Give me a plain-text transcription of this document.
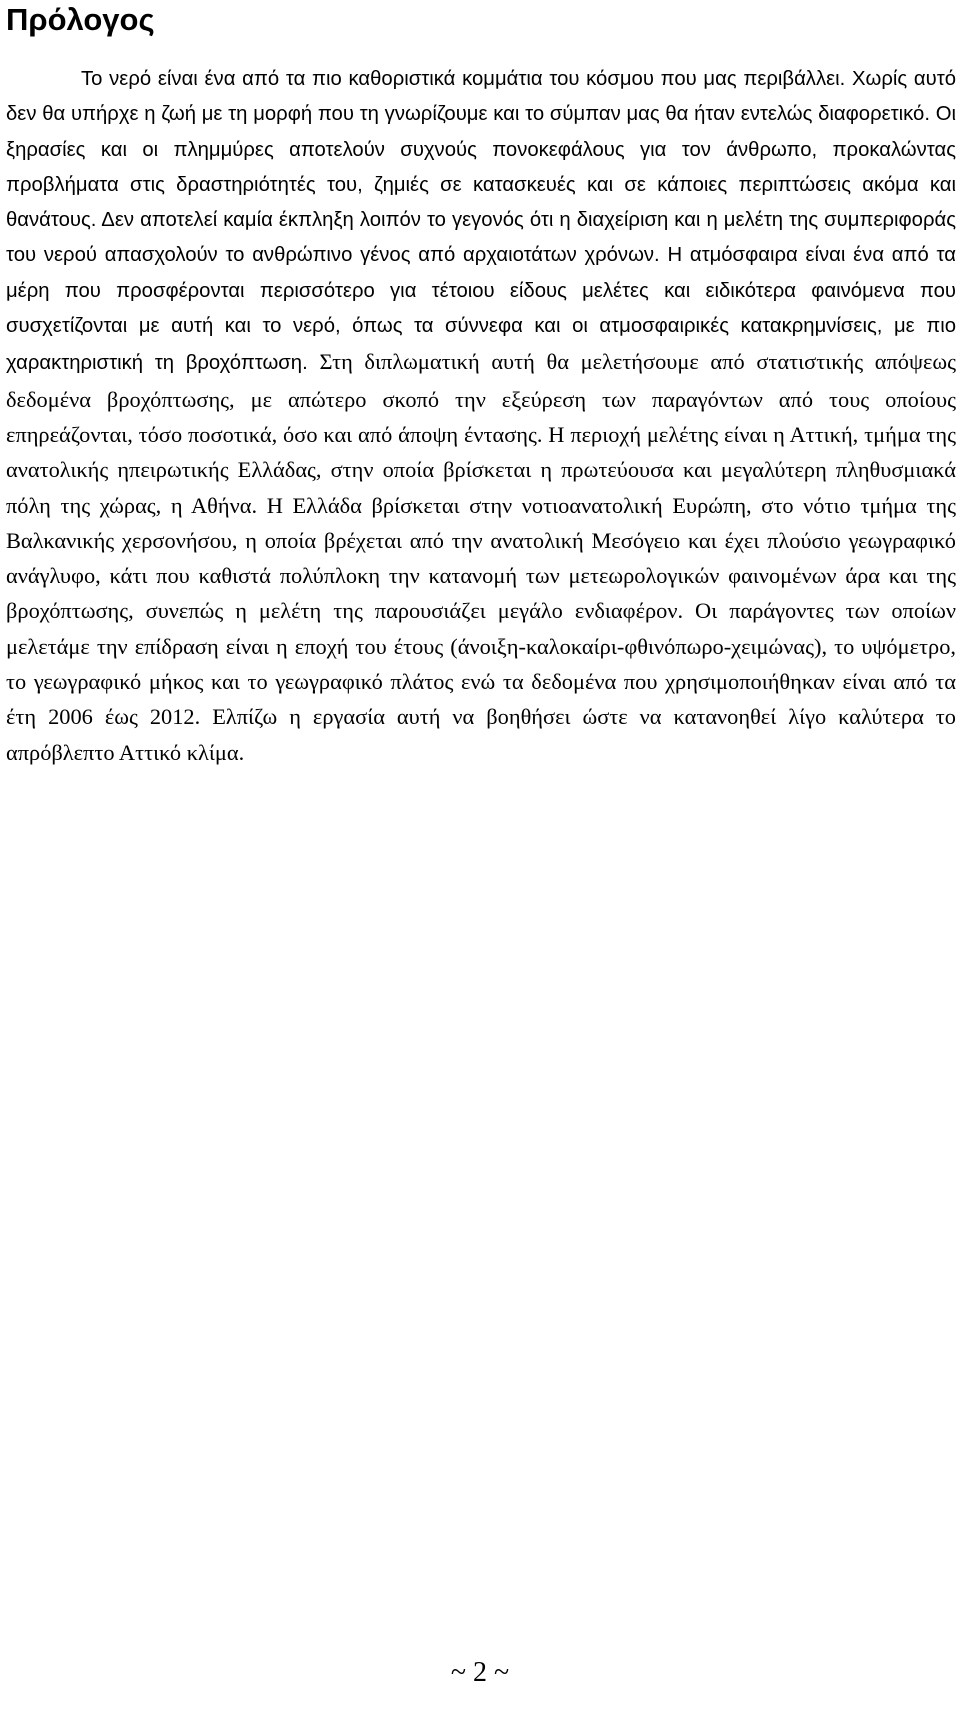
Πρόλογος

Το νερό είναι ένα από τα πιο καθοριστικά κομμάτια του κόσμου που μας περιβάλλει. Χωρίς αυτό δεν θα υπήρχε η ζωή με τη μορφή που τη γνωρίζουμε και το σύμπαν μας θα ήταν εντελώς διαφορετικό. Οι ξηρασίες και οι πλημμύρες αποτελούν συχνούς πονοκεφάλους για τον άνθρωπο, προκαλώντας προβλήματα στις δραστηριότητές του, ζημιές σε κατασκευές και σε κάποιες περιπτώσεις ακόμα και θανάτους. Δεν αποτελεί καμία έκπληξη λοιπόν το γεγονός ότι η διαχείριση και η μελέτη της συμπεριφοράς του νερού απασχολούν το ανθρώπινο γένος από αρχαιοτάτων χρόνων. Η ατμόσφαιρα είναι ένα από τα μέρη που προσφέρονται περισσότερο για τέτοιου είδους μελέτες και ειδικότερα φαινόμενα που συσχετίζονται με αυτή και το νερό, όπως τα σύννεφα και οι ατμοσφαιρικές κατακρημνίσεις, με πιο χαρακτηριστική τη βροχόπτωση. Στη διπλωματική αυτή θα μελετήσουμε από στατιστικής απόψεως δεδομένα βροχόπτωσης, με απώτερο σκοπό την εξεύρεση των παραγόντων από τους οποίους επηρεάζονται, τόσο ποσοτικά, όσο και από άποψη έντασης. Η περιοχή μελέτης είναι η Αττική, τμήμα της ανατολικής ηπειρωτικής Ελλάδας, στην οποία βρίσκεται η πρωτεύουσα και μεγαλύτερη πληθυσμιακά πόλη της χώρας, η Αθήνα. Η Ελλάδα βρίσκεται στην νοτιοανατολική Ευρώπη, στο νότιο τμήμα της Βαλκανικής χερσονήσου, η οποία βρέχεται από την ανατολική Μεσόγειο και έχει πλούσιο γεωγραφικό ανάγλυφο, κάτι που καθιστά πολύπλοκη την κατανομή των μετεωρολογικών φαινομένων άρα και της βροχόπτωσης, συνεπώς η μελέτη της παρουσιάζει μεγάλο ενδιαφέρον. Οι παράγοντες των οποίων μελετάμε την επίδραση είναι η εποχή του έτους (άνοιξη-καλοκαίρι-φθινόπωρο-χειμώνας), το υψόμετρο, το γεωγραφικό μήκος και το γεωγραφικό πλάτος ενώ τα δεδομένα που χρησιμοποιήθηκαν είναι από τα έτη 2006 έως 2012. Ελπίζω η εργασία αυτή να βοηθήσει ώστε να κατανοηθεί λίγο καλύτερα το απρόβλεπτο Αττικό κλίμα.

~ 2 ~
